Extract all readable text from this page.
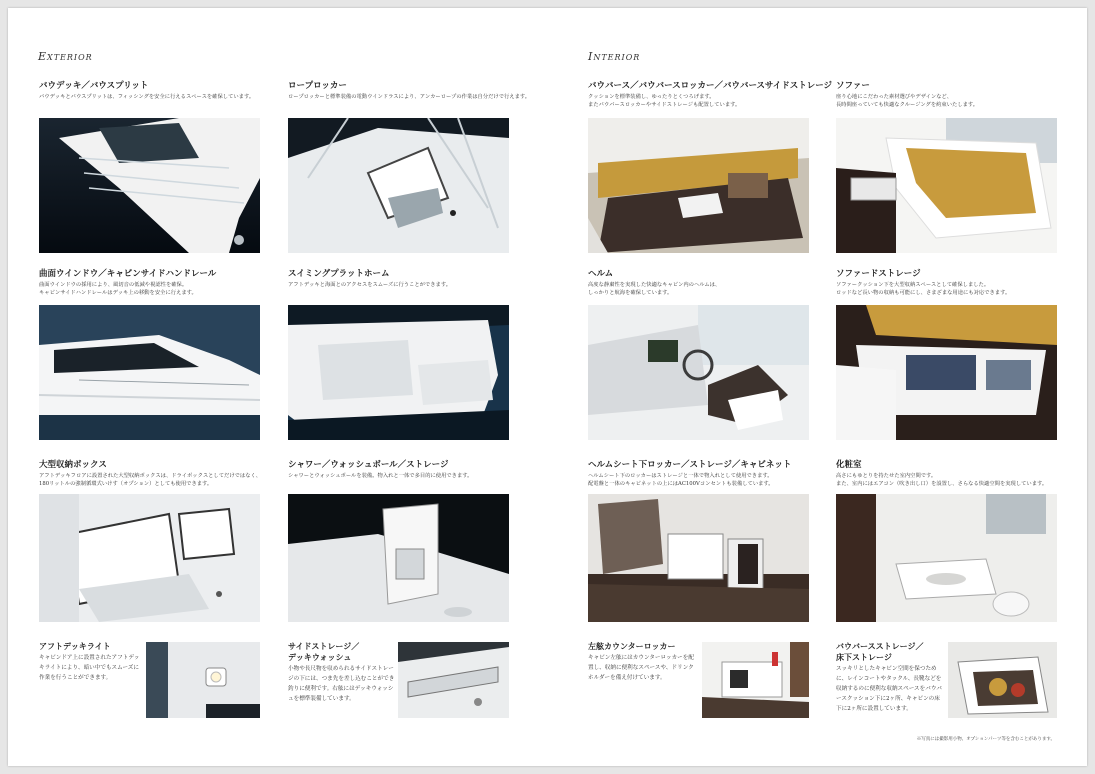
Exterior
バウデッキ／バウスプリット
バウデッキとバウスプリットは、フィッシングを安全に行えるスペースを確保しています。
ロープロッカー
ロープロッカーと標準装備の電動ウインドラスにより、アンカーロープの作業は自分だけで行えます。
曲面ウインドウ／キャビンサイドハンドレール
曲面ウインドウの採用により、風切音の低減や視認性を確保。
キャビンサイドハンドレールはデッキ上の移動を安全に行えます。
スイミングプラットホーム
アフトデッキと海面とのアクセスをスムーズに行うことができます。
大型収納ボックス
アフトデッキフロアに設置された大型収納ボックスは、ドライボックスとしてだけではなく、
180リットルの強制循環式いけす（オプション）としても使用できます。
シャワー／ウォッシュボール／ストレージ
シャワーとウォッシュボールを装備。物入れと一体で多目的に使用できます。
アフトデッキライト
キャビンドア上に設置されたアフトデッキライトにより、暗い中でもスムーズに作業を行うことができます。
サイドストレージ／
デッキウォッシュ
小物や長尺物を収められるサイドストレージの下には、つま先を差し込むことができ釣りに便利です。右舷にはデッキウォッシュを標準装備しています。
Interior
バウバース／バウバースロッカー／バウバースサイドストレージ
クッションを標準装備し、ゆったりとくつろげます。
またバウバースロッカーやサイドストレージも配置しています。
ソファー
座り心地にこだわった素材選びやデザインなど、
長時間座っていても快適なクルージングを約束いたします。
ヘルム
高度な静粛性を実現した快適なキャビン内のヘルムは、
しっかりと航海を確保しています。
ソファードストレージ
ソファークッション下を大型収納スペースとして確保しました。
ロッドなど長い物の収納も可能にし、さまざまな用途にも対応できます。
ヘルムシート下ロッカー／ストレージ／キャビネット
ヘルムシート下のロッカーはストレージと一体で物入れとして使用できます。
配電盤と一体のキャビネットの上にはAC100Vコンセントも装備しています。
化粧室
高さにもゆとりを持たせた室内空間です。
また、室内にはエアコン（吹き出し口）を設置し、さらなる快適空間を実現しています。
左舷カウンターロッカー
キャビン左舷にはカウンターロッカーを配置し、収納に便利なスペースや、ドリンクホルダーを備え付けています。
バウバースストレージ／
床下ストレージ
スッキリとしたキャビン空間を保つために、レインコートやタックル、長靴などを収納するのに便利な収納スペースをバウバースクッション下に2ヶ所、キャビンの床下に2ヶ所に設置しています。
※写真には撮影用小物、オプションパーツ等を含むことがあります。
